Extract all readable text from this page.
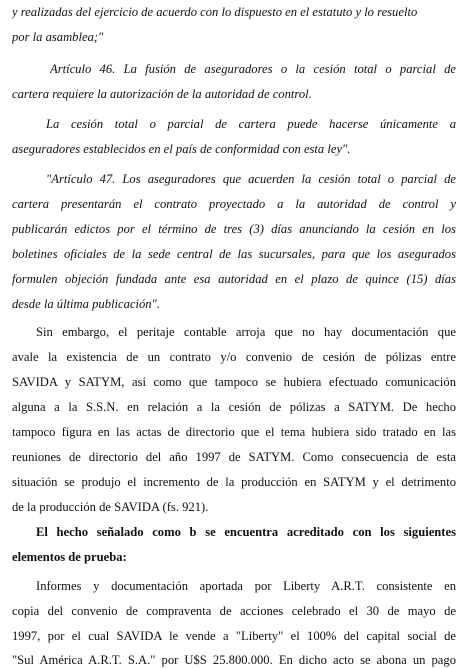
y realizadas del ejercicio de acuerdo con lo dispuesto en el estatuto y lo resuelto
por la asamblea;"
Artículo 46. La fusión de aseguradores o la cesión total o parcial de
cartera requiere la autorización de la autoridad de control.
La cesión total o parcial de cartera puede hacerse únicamente a
aseguradores establecidos en el país de conformidad con esta ley".
"Artículo 47. Los aseguradores que acuerden la cesión total o parcial de
cartera presentarán el contrato proyectado a la autoridad de control y
publicarán edictos por el término de tres (3) días anunciando la cesión en los
boletines oficiales de la sede central de las sucursales, para que los asegurados
formulen objeción fundada ante esa autoridad en el plazo de quince (15) días
desde la última publicación".
Sin embargo, el peritaje contable arroja que no hay documentación que
avale la existencia de un contrato y/o convenio de cesión de pólizas entre
SAVIDA y SATYM, así como que tampoco se hubiera efectuado comunicación
alguna a la S.S.N. en relación a la cesión de pólizas a SATYM. De hecho
tampoco figura en las actas de directorio que el tema hubiera sido tratado en las
reuniones de directorio del año 1997 de SATYM. Como consecuencia de esta
situación se produjo el incremento de la producción en SATYM y el detrimento
de la producción de SAVIDA (fs. 921).
El hecho señalado como b se encuentra acreditado con los siguientes
elementos de prueba:
Informes y documentación aportada por Liberty A.R.T. consistente en
copia del convenio de compraventa de acciones celebrado el 30 de mayo de
1997, por el cual SAVIDA le vende a "Liberty" el 100% del capital social de
"Sul América A.R.T. S.A." por U$S 25.800.000. En dicho acto se abona un pago
